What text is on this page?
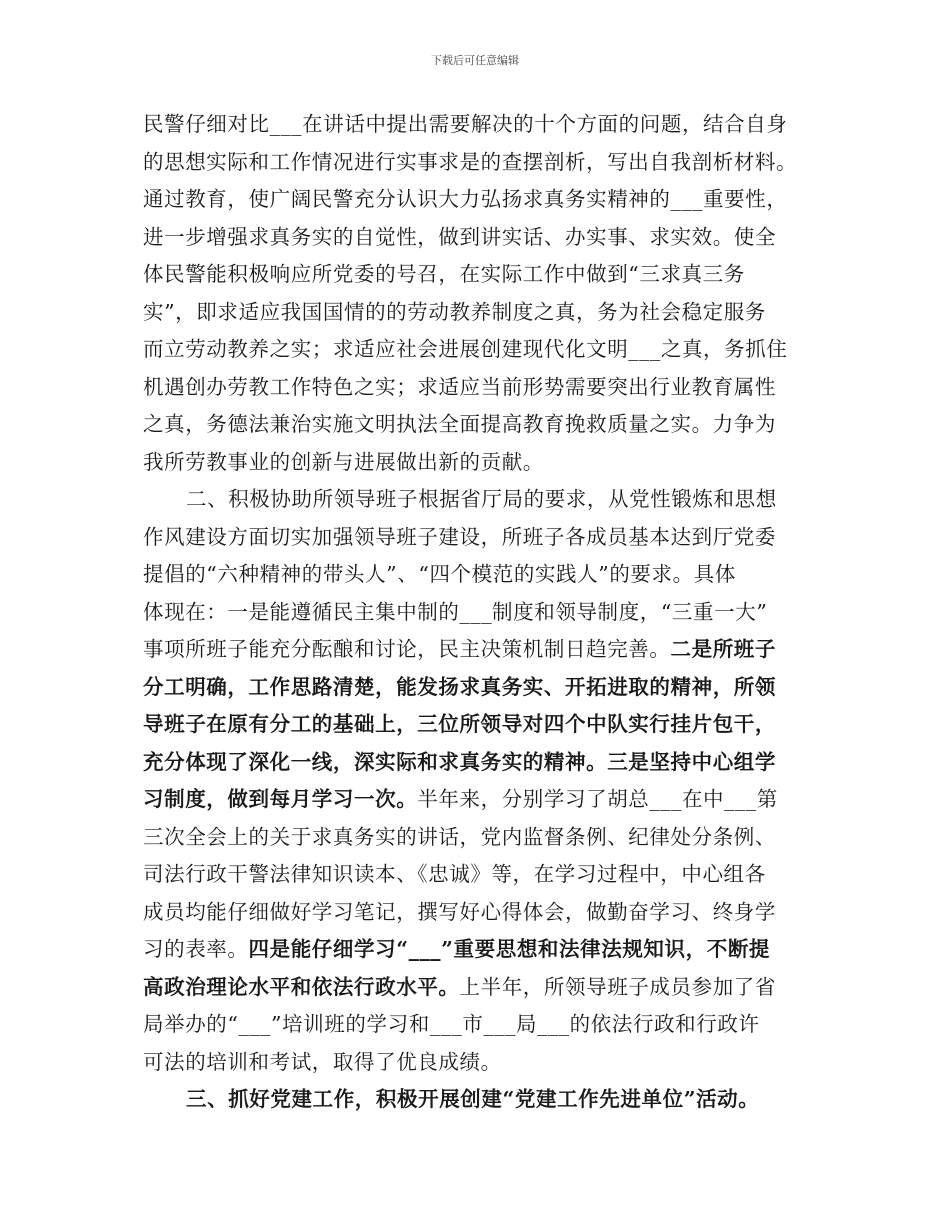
下载后可任意编辑
民警仔细对比___在讲话中提出需要解决的十个方面的问题，结合自身
的思想实际和工作情况进行实事求是的查摆剖析，写出自我剖析材料。
通过教育，使广阔民警充分认识大力弘扬求真务实精神的___重要性，
进一步增强求真务实的自觉性，做到讲实话、办实事、求实效。使全
体民警能积极响应所党委的号召，在实际工作中做到“三求真三务
实”，即求适应我国国情的的劳动教养制度之真，务为社会稳定服务
而立劳动教养之实；求适应社会进展创建现代化文明___之真，务抓住
机遇创办劳教工作特色之实；求适应当前形势需要突出行业教育属性
之真，务德法兼治实施文明执法全面提高教育挽救质量之实。力争为
我所劳教事业的创新与进展做出新的贡献。
二、积极协助所领导班子根据省厅局的要求，从党性锻炼和思想
作风建设方面切实加强领导班子建设，所班子各成员基本达到厅党委
提倡的“六种精神的带头人”、“四个模范的实践人”的要求。具体
体现在：一是能遵循民主集中制的___制度和领导制度，“三重一大”
事项所班子能充分酝酿和讨论，民主决策机制日趋完善。二是所班子
分工明确，工作思路清楚，能发扬求真务实、开拓进取的精神，所领
导班子在原有分工的基础上，三位所领导对四个中队实行挂片包干，
充分体现了深化一线，深实际和求真务实的精神。三是坚持中心组学
习制度，做到每月学习一次。半年来，分别学习了胡总___在中___第
三次全会上的关于求真务实的讲话，党内监督条例、纪律处分条例、
司法行政干警法律知识读本、《忠诚》等，在学习过程中，中心组各
成员均能仔细做好学习笔记，撰写好心得体会，做勤奋学习、终身学
习的表率。四是能仔细学习“___”重要思想和法律法规知识，不断提
高政治理论水平和依法行政水平。上半年，所领导班子成员参加了省
局举办的“___”培训班的学习和___市___局___的依法行政和行政许
可法的培训和考试，取得了优良成绩。
三、抓好党建工作，积极开展创建“党建工作先进单位”活动。
